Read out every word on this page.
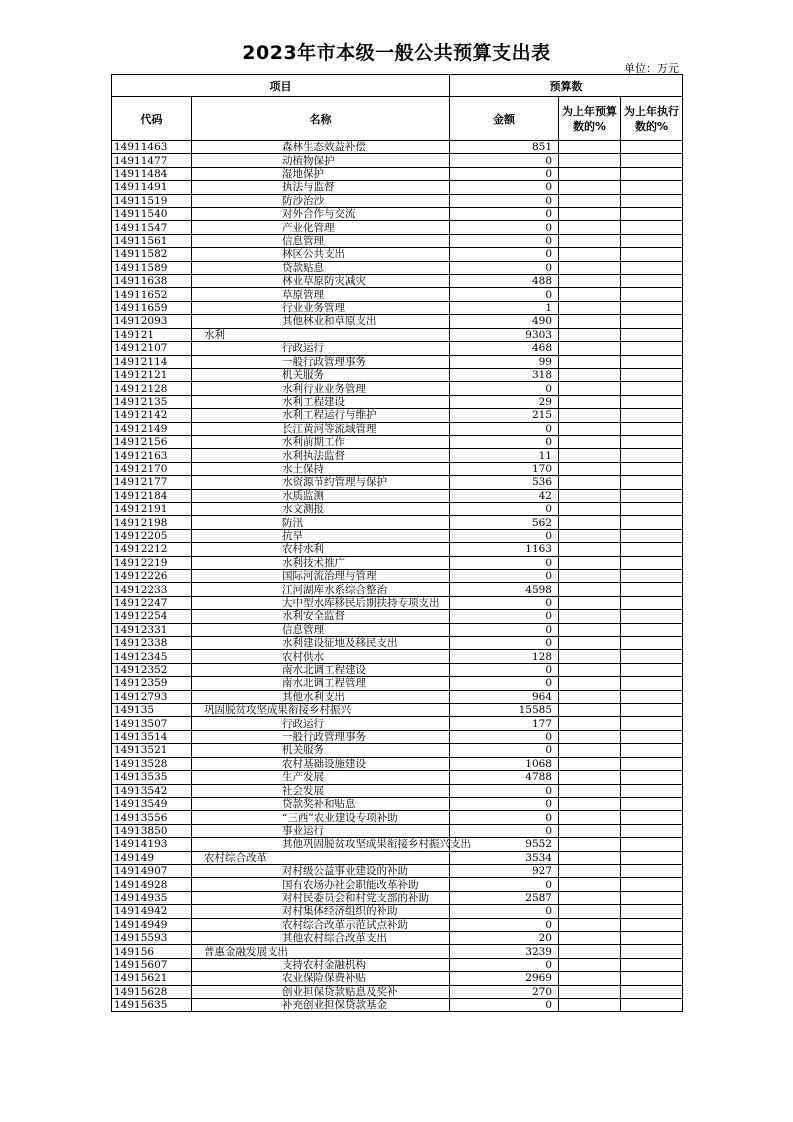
2023年市本级一般公共预算支出表
单位：万元
项目		预算数		
代码	名称	金额	为上年预算数的%	为上年执行数的%
14911463	森林生态效益补偿	851		
14911477	动植物保护	0		
14911484	湿地保护	0		
14911491	执法与监督	0		
14911519	防沙治沙	0		
14911540	对外合作与交流	0		
14911547	产业化管理	0		
14911561	信息管理	0		
14911582	林区公共支出	0		
14911589	贷款贴息	0		
14911638	林业草原防灾减灾	488		
14911652	草原管理	0		
14911659	行业业务管理	1		
14912093	其他林业和草原支出	490		
149121	水利	9303		
14912107	行政运行	468		
14912114	一般行政管理事务	99		
14912121	机关服务	318		
14912128	水利行业业务管理	0		
14912135	水利工程建设	29		
14912142	水利工程运行与维护	215		
14912149	长江黄河等流域管理	0		
14912156	水利前期工作	0		
14912163	水利执法监督	11		
14912170	水土保持	170		
14912177	水资源节约管理与保护	536		
14912184	水质监测	42		
14912191	水文测报	0		
14912198	防汛	562		
14912205	抗旱	0		
14912212	农村水利	1163		
14912219	水利技术推广	0		
14912226	国际河流治理与管理	0		
14912233	江河湖库水系综合整治	4598		
14912247	大中型水库移民后期扶持专项支出	0		
14912254	水利安全监督	0		
14912331	信息管理	0		
14912338	水利建设征地及移民支出	0		
14912345	农村供水	128		
14912352	南水北调工程建设	0		
14912359	南水北调工程管理	0		
14912793	其他水利支出	964		
149135	巩固脱贫攻坚成果衔接乡村振兴	15585		
14913507	行政运行	177		
14913514	一般行政管理事务	0		
14913521	机关服务	0		
14913528	农村基础设施建设	1068		
14913535	生产发展	4788		
14913542	社会发展	0		
14913549	贷款奖补和贴息	0		
14913556	“三西”农业建设专项补助	0		
14913850	事业运行	0		
14914193	其他巩固脱贫攻坚成果衔接乡村振兴支出	9552		
149149	农村综合改革	3534		
14914907	对村级公益事业建设的补助	927		
14914928	国有农场办社会职能改革补助	0		
14914935	对村民委员会和村党支部的补助	2587		
14914942	对村集体经济组织的补助	0		
14914949	农村综合改革示范试点补助	0		
14915593	其他农村综合改革支出	20		
149156	普惠金融发展支出	3239		
14915607	支持农村金融机构	0		
14915621	农业保险保费补贴	2969		
14915628	创业担保贷款贴息及奖补	270		
14915635	补充创业担保贷款基金	0		
